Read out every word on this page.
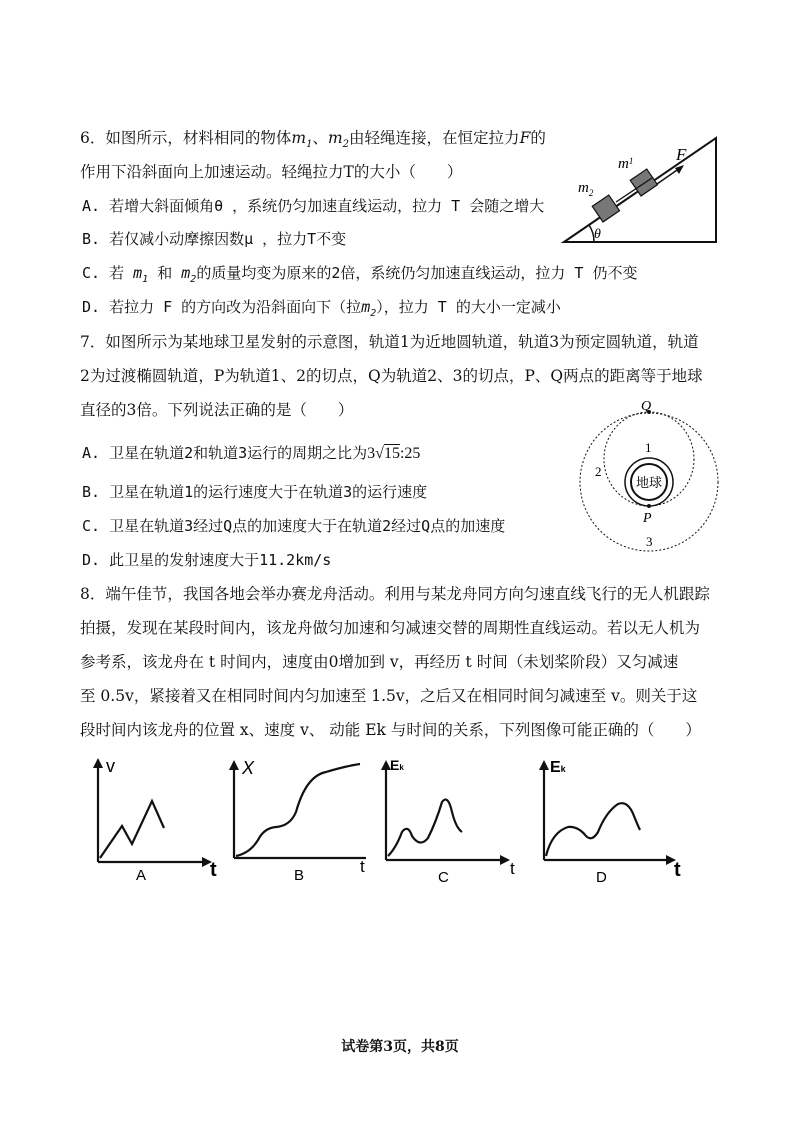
6．如图所示，材料相同的物体$m_1$、$m_2$由轻绳连接，在恒定拉力F的
作用下沿斜面向上加速运动。轻绳拉力T的大小（　　）
A. 若增大斜面倾角θ ，系统仍匀加速直线运动，拉力 T 会随之增大
B. 若仅减小动摩擦因数μ ，拉力T不变
C. 若 $m_1$ 和 $m_2$的质量均变为原来的2倍，系统仍匀加速直线运动，拉力 T 仍不变
D. 若拉力 F 的方向改为沿斜面向下（拉$m_2$），拉力 T 的大小一定减小
θ
$m_2$
$m^1$	F
7．如图所示为某地球卫星发射的示意图，轨道1为近地圆轨道，轨道3为预定圆轨道，轨道
2为过渡椭圆轨道，P为轨道1、2的切点，Q为轨道2、3的切点，P、Q两点的距离等于地球
直径的3倍。下列说法正确的是（　　）
A. 卫星在轨道2和轨道3运行的周期之比为3√15:25
B. 卫星在轨道1的运行速度大于在轨道3的运行速度
C. 卫星在轨道3经过Q点的加速度大于在轨道2经过Q点的加速度
D. 此卫星的发射速度大于11.2km/s
地球
Q
P
1
2
3
8．端午佳节，我国各地会举办赛龙舟活动。利用与某龙舟同方向匀速直线飞行的无人机跟踪
拍摄，发现在某段时间内，该龙舟做匀加速和匀减速交替的周期性直线运动。若以无人机为
参考系，该龙舟在 t 时间内，速度由0增加到 v，再经历 t 时间（未划桨阶段）又匀减速
至 0.5v，紧接着又在相同时间内匀加速至 1.5v，之后又在相同时间匀减速至 v。则关于这
段时间内该龙舟的位置 x、速度 v、 动能 Ek 与时间的关系，下列图像可能正确的（　　）
v
t
A
X
t
B
Ek
t
C
Ek
t
D
试卷第3页，共8页
